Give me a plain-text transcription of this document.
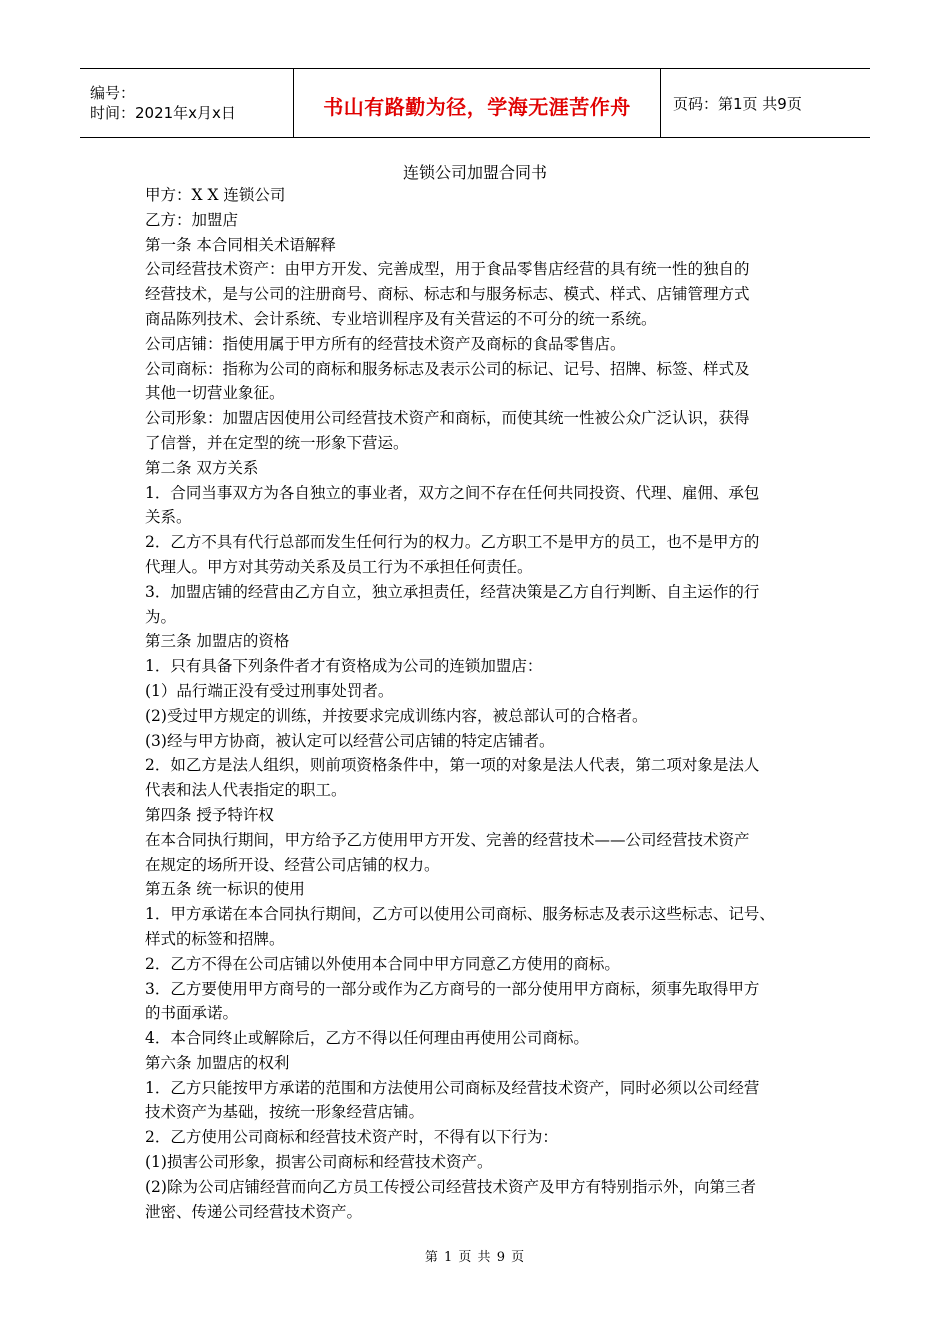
编号：
时间：2021年x月x日	书山有路勤为径，学海无涯苦作舟	页码：第1页 共9页
连锁公司加盟合同书
甲方：X X 连锁公司
乙方：加盟店
第一条 本合同相关术语解释
公司经营技术资产：由甲方开发、完善成型，用于食品零售店经营的具有统一性的独自的
经营技术，是与公司的注册商号、商标、标志和与服务标志、模式、样式、店铺管理方式
商品陈列技术、会计系统、专业培训程序及有关营运的不可分的统一系统。
公司店铺：指使用属于甲方所有的经营技术资产及商标的食品零售店。
公司商标：指称为公司的商标和服务标志及表示公司的标记、记号、招牌、标签、样式及
其他一切营业象征。
公司形象：加盟店因使用公司经营技术资产和商标，而使其统一性被公众广泛认识，获得
了信誉，并在定型的统一形象下营运。
第二条 双方关系
1．合同当事双方为各自独立的事业者，双方之间不存在任何共同投资、代理、雇佣、承包
关系。
2．乙方不具有代行总部而发生任何行为的权力。乙方职工不是甲方的员工，也不是甲方的
代理人。甲方对其劳动关系及员工行为不承担任何责任。
3．加盟店铺的经营由乙方自立，独立承担责任，经营决策是乙方自行判断、自主运作的行
为。
第三条 加盟店的资格
1．只有具备下列条件者才有资格成为公司的连锁加盟店：
(1）品行端正没有受过刑事处罚者。
(2)受过甲方规定的训练，并按要求完成训练内容，被总部认可的合格者。
(3)经与甲方协商，被认定可以经营公司店铺的特定店铺者。
2．如乙方是法人组织，则前项资格条件中，第一项的对象是法人代表，第二项对象是法人
代表和法人代表指定的职工。
第四条 授予特许权
在本合同执行期间，甲方给予乙方使用甲方开发、完善的经营技术——公司经营技术资产
在规定的场所开设、经营公司店铺的权力。
第五条 统一标识的使用
1．甲方承诺在本合同执行期间，乙方可以使用公司商标、服务标志及表示这些标志、记号、
样式的标签和招牌。
2．乙方不得在公司店铺以外使用本合同中甲方同意乙方使用的商标。
3．乙方要使用甲方商号的一部分或作为乙方商号的一部分使用甲方商标，须事先取得甲方
的书面承诺。
4．本合同终止或解除后，乙方不得以任何理由再使用公司商标。
第六条 加盟店的权利
1．乙方只能按甲方承诺的范围和方法使用公司商标及经营技术资产，同时必须以公司经营
技术资产为基础，按统一形象经营店铺。
2．乙方使用公司商标和经营技术资产时，不得有以下行为：
(1)损害公司形象，损害公司商标和经营技术资产。
(2)除为公司店铺经营而向乙方员工传授公司经营技术资产及甲方有特别指示外，向第三者
泄密、传递公司经营技术资产。
第 1 页 共 9 页
